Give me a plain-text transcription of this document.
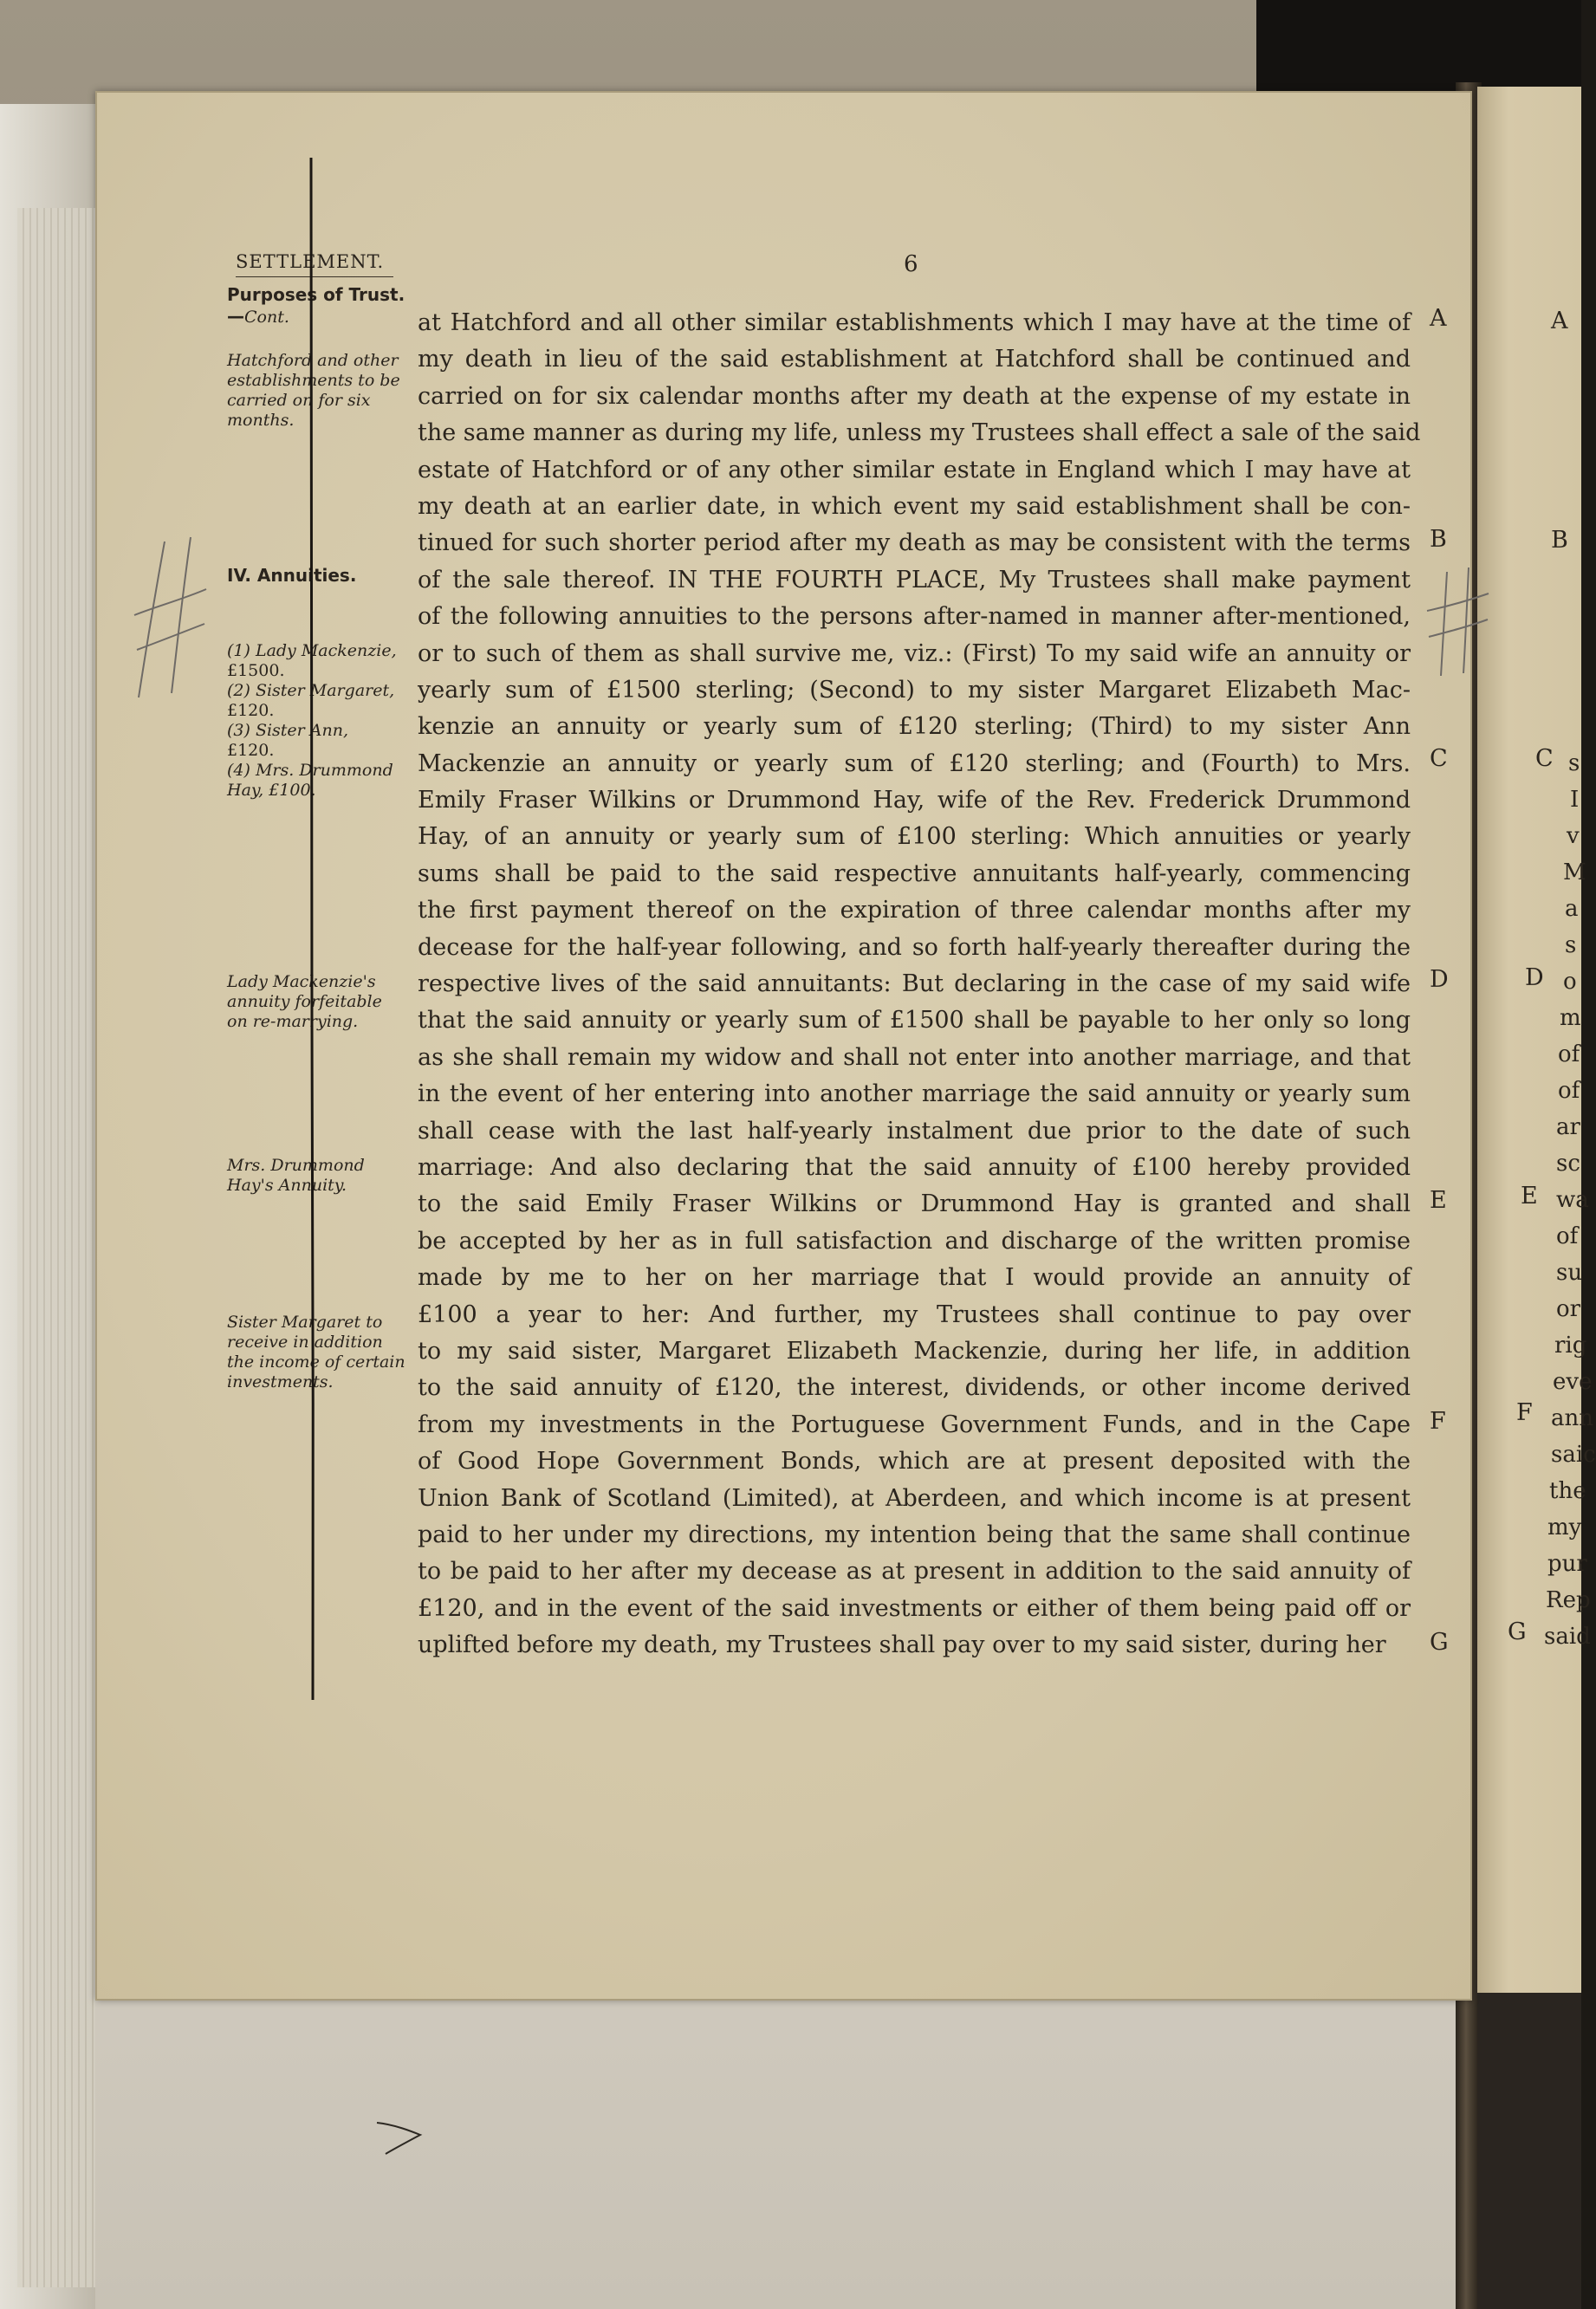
SETTLEMENT.	6
Purposes of Trust.—Cont.
Hatchford and other
establishments to be
carried on for six
months.
IV. Annuities.
(1) Lady Mackenzie,
£1500.
(2) Sister Margaret,
£120.
(3) Sister Ann,
£120.
(4) Mrs. Drummond
Hay, £100.
Lady Mackenzie's
annuity forfeitable
on re-marrying.
Mrs. Drummond
Hay's Annuity.
Sister Margaret to
receive in addition
the income of certain
investments.
at Hatchford and all other similar establishments which I may have at the time of
my death in lieu of the said establishment at Hatchford shall be continued and
carried on for six calendar months after my death at the expense of my estate in
the same manner as during my life, unless my Trustees shall effect a sale of the said
estate of Hatchford or of any other similar estate in England which I may have at
my death at an earlier date, in which event my said establishment shall be con-
tinued for such shorter period after my death as may be consistent with the terms
of the sale thereof. IN THE FOURTH PLACE, My Trustees shall make payment
of the following annuities to the persons after-named in manner after-mentioned,
or to such of them as shall survive me, viz.: (First) To my said wife an annuity or
yearly sum of £1500 sterling; (Second) to my sister Margaret Elizabeth Mac-
kenzie an annuity or yearly sum of £120 sterling; (Third) to my sister Ann
Mackenzie an annuity or yearly sum of £120 sterling; and (Fourth) to Mrs.
Emily Fraser Wilkins or Drummond Hay, wife of the Rev. Frederick Drummond
Hay, of an annuity or yearly sum of £100 sterling: Which annuities or yearly
sums shall be paid to the said respective annuitants half-yearly, commencing
the first payment thereof on the expiration of three calendar months after my
decease for the half-year following, and so forth half-yearly thereafter during the
respective lives of the said annuitants: But declaring in the case of my said wife
that the said annuity or yearly sum of £1500 shall be payable to her only so long
as she shall remain my widow and shall not enter into another marriage, and that
in the event of her entering into another marriage the said annuity or yearly sum
shall cease with the last half-yearly instalment due prior to the date of such
marriage: And also declaring that the said annuity of £100 hereby provided
to the said Emily Fraser Wilkins or Drummond Hay is granted and shall
be accepted by her as in full satisfaction and discharge of the written promise
made by me to her on her marriage that I would provide an annuity of
£100 a year to her: And further, my Trustees shall continue to pay over
to my said sister, Margaret Elizabeth Mackenzie, during her life, in addition
to the said annuity of £120, the interest, dividends, or other income derived
from my investments in the Portuguese Government Funds, and in the Cape
of Good Hope Government Bonds, which are at present deposited with the
Union Bank of Scotland (Limited), at Aberdeen, and which income is at present
paid to her under my directions, my intention being that the same shall continue
to be paid to her after my decease as at present in addition to the said annuity of
£120, and in the event of the said investments or either of them being paid off or
uplifted before my death, my Trustees shall pay over to my said sister, during her
A
B
C
D
E
F
G
A
B
C
D
E
F
G
s
I
v
M
a
s
o
m
of
of
ar
sc
wa
of
su
or
rig
eve
ann
saic
the
my
pur
Rep
said
